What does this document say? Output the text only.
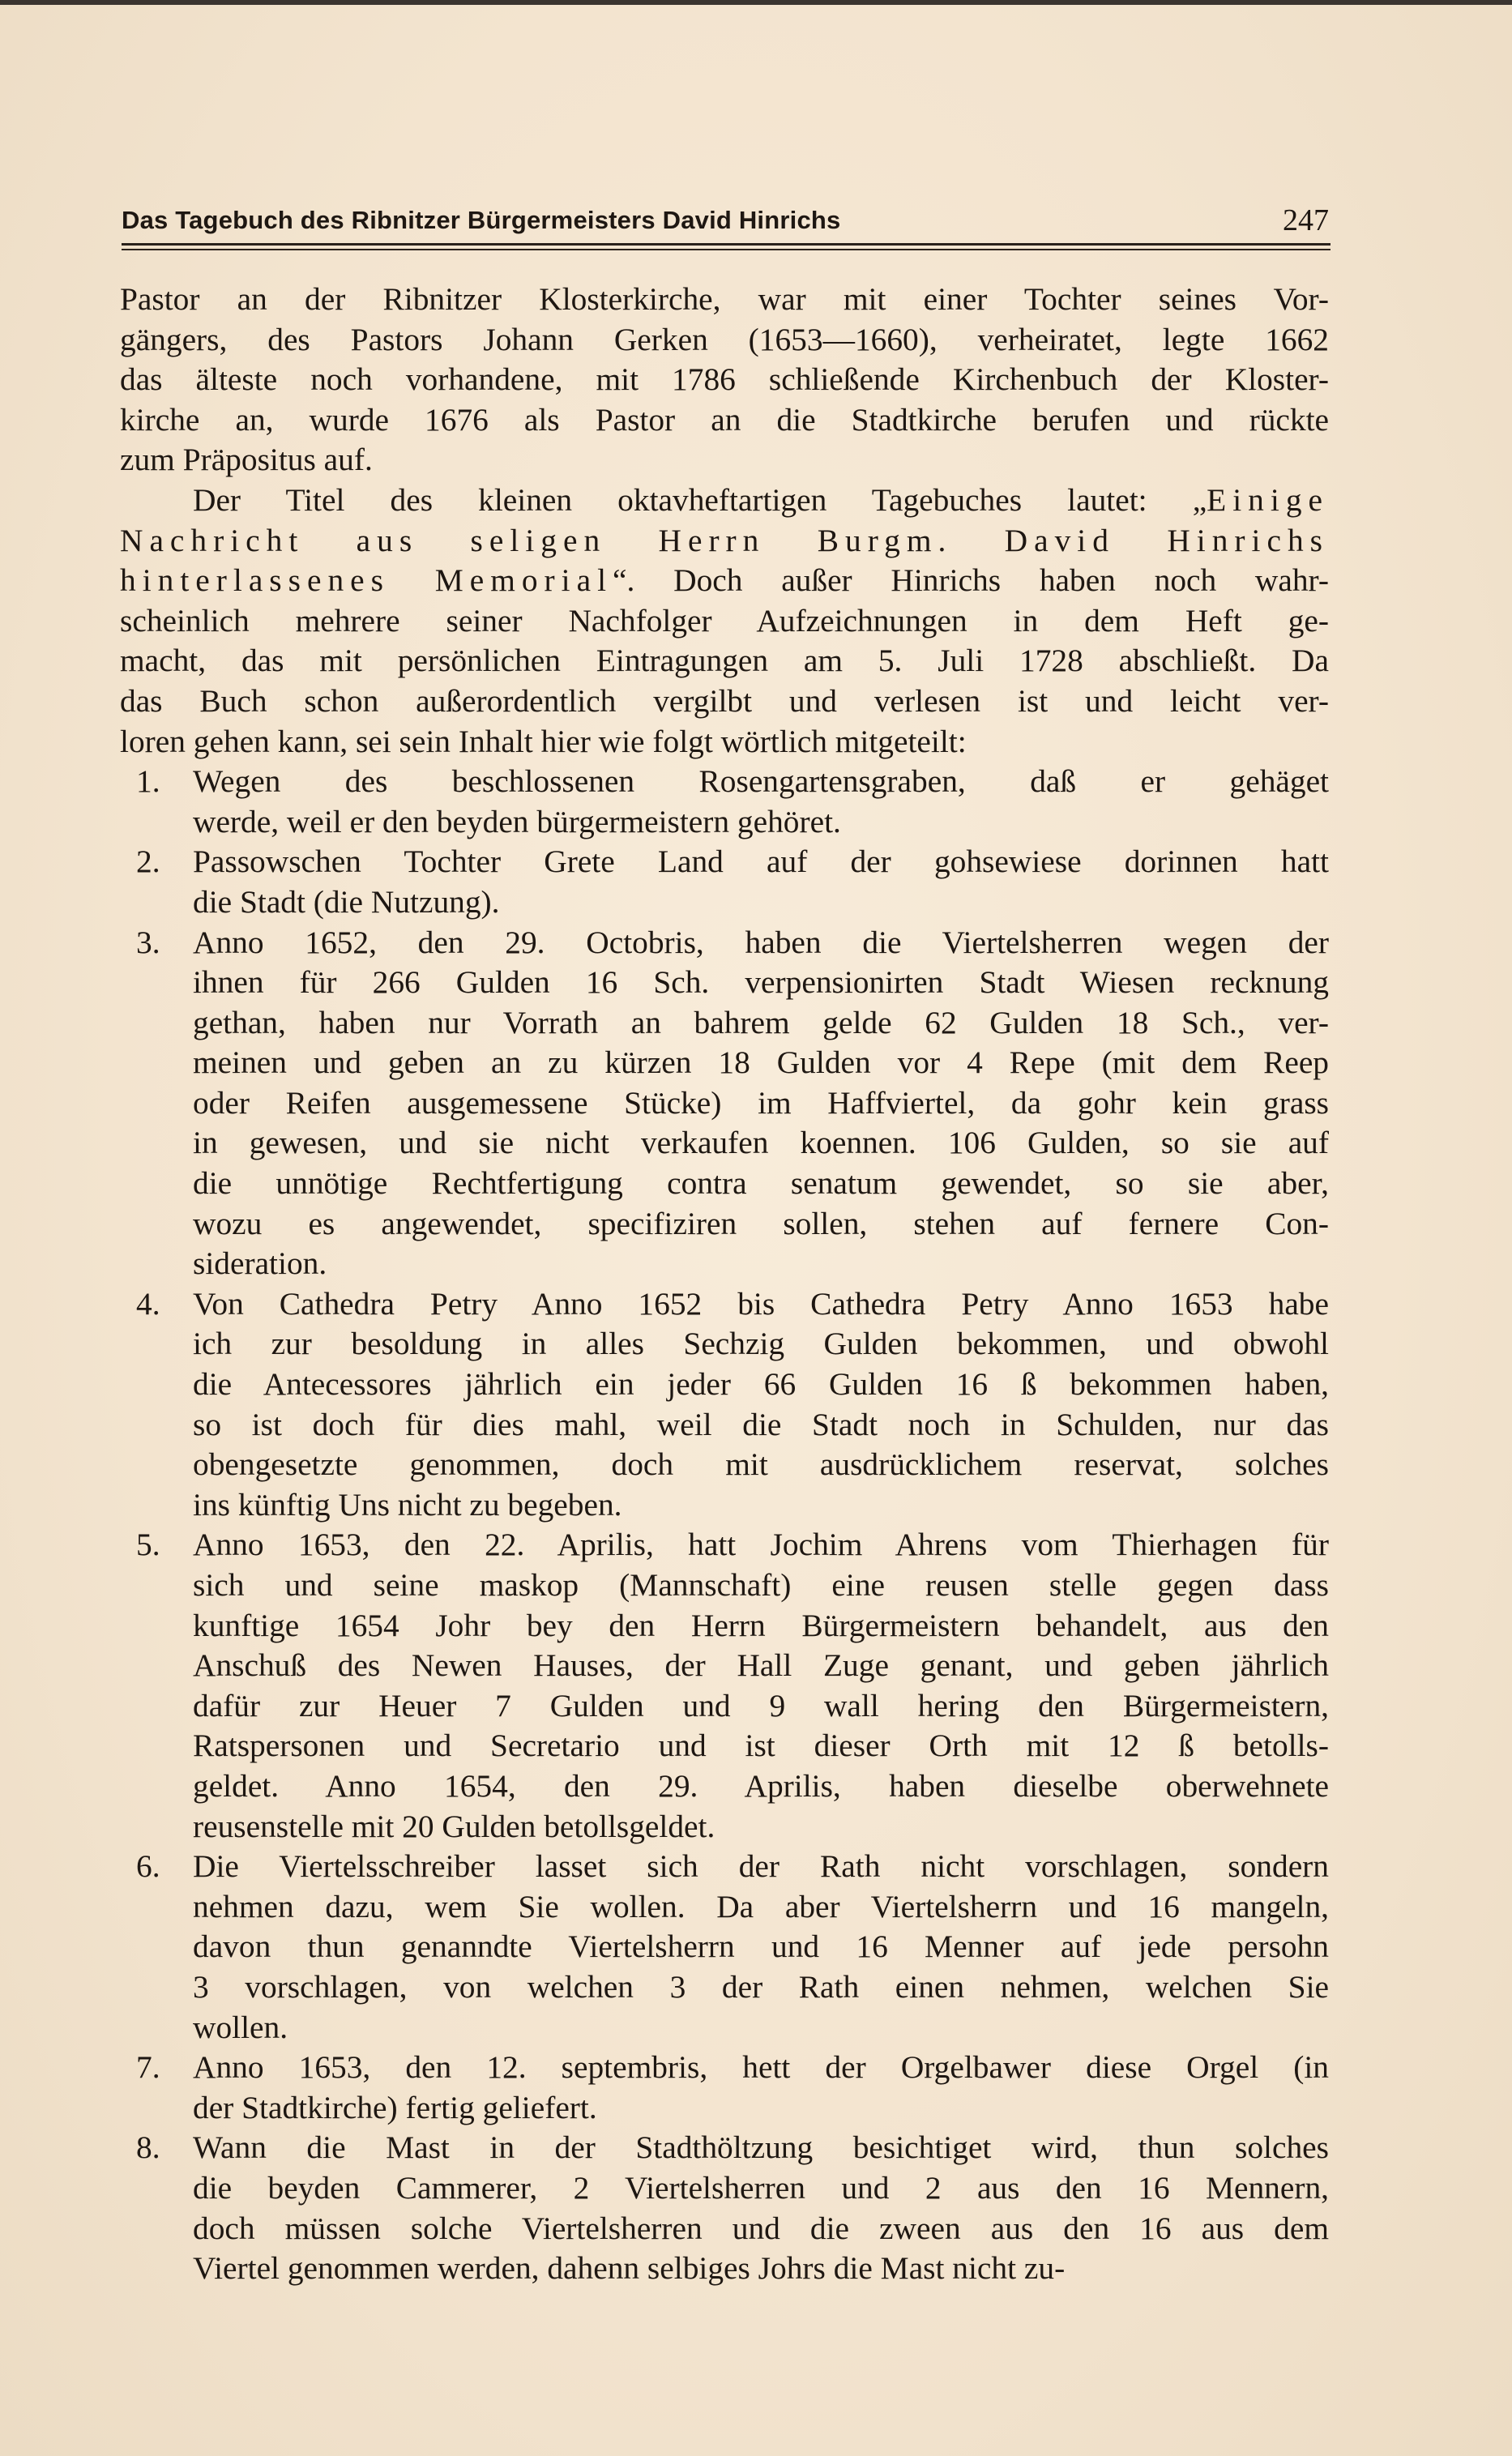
Das Tagebuch des Ribnitzer Bürgermeisters David Hinrichs	247
Pastor an der Ribnitzer Klosterkirche, war mit einer Tochter seines Vor-
gängers, des Pastors Johann Gerken (1653—1660), verheiratet, legte 1662
das älteste noch vorhandene, mit 1786 schließende Kirchenbuch der Kloster-
kirche an, wurde 1676 als Pastor an die Stadtkirche berufen und rückte
zum Präpositus auf.
Der Titel des kleinen oktavheftartigen Tagebuches lautet: „Einige
Nachricht aus seligen Herrn Burgm. David Hinrichs
hinterlassenes Memorial“. Doch außer Hinrichs haben noch wahr-
scheinlich mehrere seiner Nachfolger Aufzeichnungen in dem Heft ge-
macht, das mit persönlichen Eintragungen am 5. Juli 1728 abschließt. Da
das Buch schon außerordentlich vergilbt und verlesen ist und leicht ver-
loren gehen kann, sei sein Inhalt hier wie folgt wörtlich mitgeteilt:
1. Wegen des beschlossenen Rosengartensgraben, daß er gehäget
werde, weil er den beyden bürgermeistern gehöret.
2. Passowschen Tochter Grete Land auf der gohsewiese dorinnen hatt
die Stadt (die Nutzung).
3. Anno 1652, den 29. Octobris, haben die Viertelsherren wegen der
ihnen für 266 Gulden 16 Sch. verpensionirten Stadt Wiesen recknung
gethan, haben nur Vorrath an bahrem gelde 62 Gulden 18 Sch., ver-
meinen und geben an zu kürzen 18 Gulden vor 4 Repe (mit dem Reep
oder Reifen ausgemessene Stücke) im Haffviertel, da gohr kein grass
in gewesen, und sie nicht verkaufen koennen. 106 Gulden, so sie auf
die unnötige Rechtfertigung contra senatum gewendet, so sie aber,
wozu es angewendet, specifiziren sollen, stehen auf fernere Con-
sideration.
4. Von Cathedra Petry Anno 1652 bis Cathedra Petry Anno 1653 habe
ich zur besoldung in alles Sechzig Gulden bekommen, und obwohl
die Antecessores jährlich ein jeder 66 Gulden 16 ß bekommen haben,
so ist doch für dies mahl, weil die Stadt noch in Schulden, nur das
obengesetzte genommen, doch mit ausdrücklichem reservat, solches
ins künftig Uns nicht zu begeben.
5. Anno 1653, den 22. Aprilis, hatt Jochim Ahrens vom Thierhagen für
sich und seine maskop (Mannschaft) eine reusen stelle gegen dass
kunftige 1654 Johr bey den Herrn Bürgermeistern behandelt, aus den
Anschuß des Newen Hauses, der Hall Zuge genant, und geben jährlich
dafür zur Heuer 7 Gulden und 9 wall hering den Bürgermeistern,
Ratspersonen und Secretario und ist dieser Orth mit 12 ß betolls-
geldet. Anno 1654, den 29. Aprilis, haben dieselbe oberwehnete
reusenstelle mit 20 Gulden betollsgeldet.
6. Die Viertelsschreiber lasset sich der Rath nicht vorschlagen, sondern
nehmen dazu, wem Sie wollen. Da aber Viertelsherrn und 16 mangeln,
davon thun genanndte Viertelsherrn und 16 Menner auf jede persohn
3 vorschlagen, von welchen 3 der Rath einen nehmen, welchen Sie
wollen.
7. Anno 1653, den 12. septembris, hett der Orgelbawer diese Orgel (in
der Stadtkirche) fertig geliefert.
8. Wann die Mast in der Stadthöltzung besichtiget wird, thun solches
die beyden Cammerer, 2 Viertelsherren und 2 aus den 16 Mennern,
doch müssen solche Viertelsherren und die zween aus den 16 aus dem
Viertel genommen werden, dahenn selbiges Johrs die Mast nicht zu-
